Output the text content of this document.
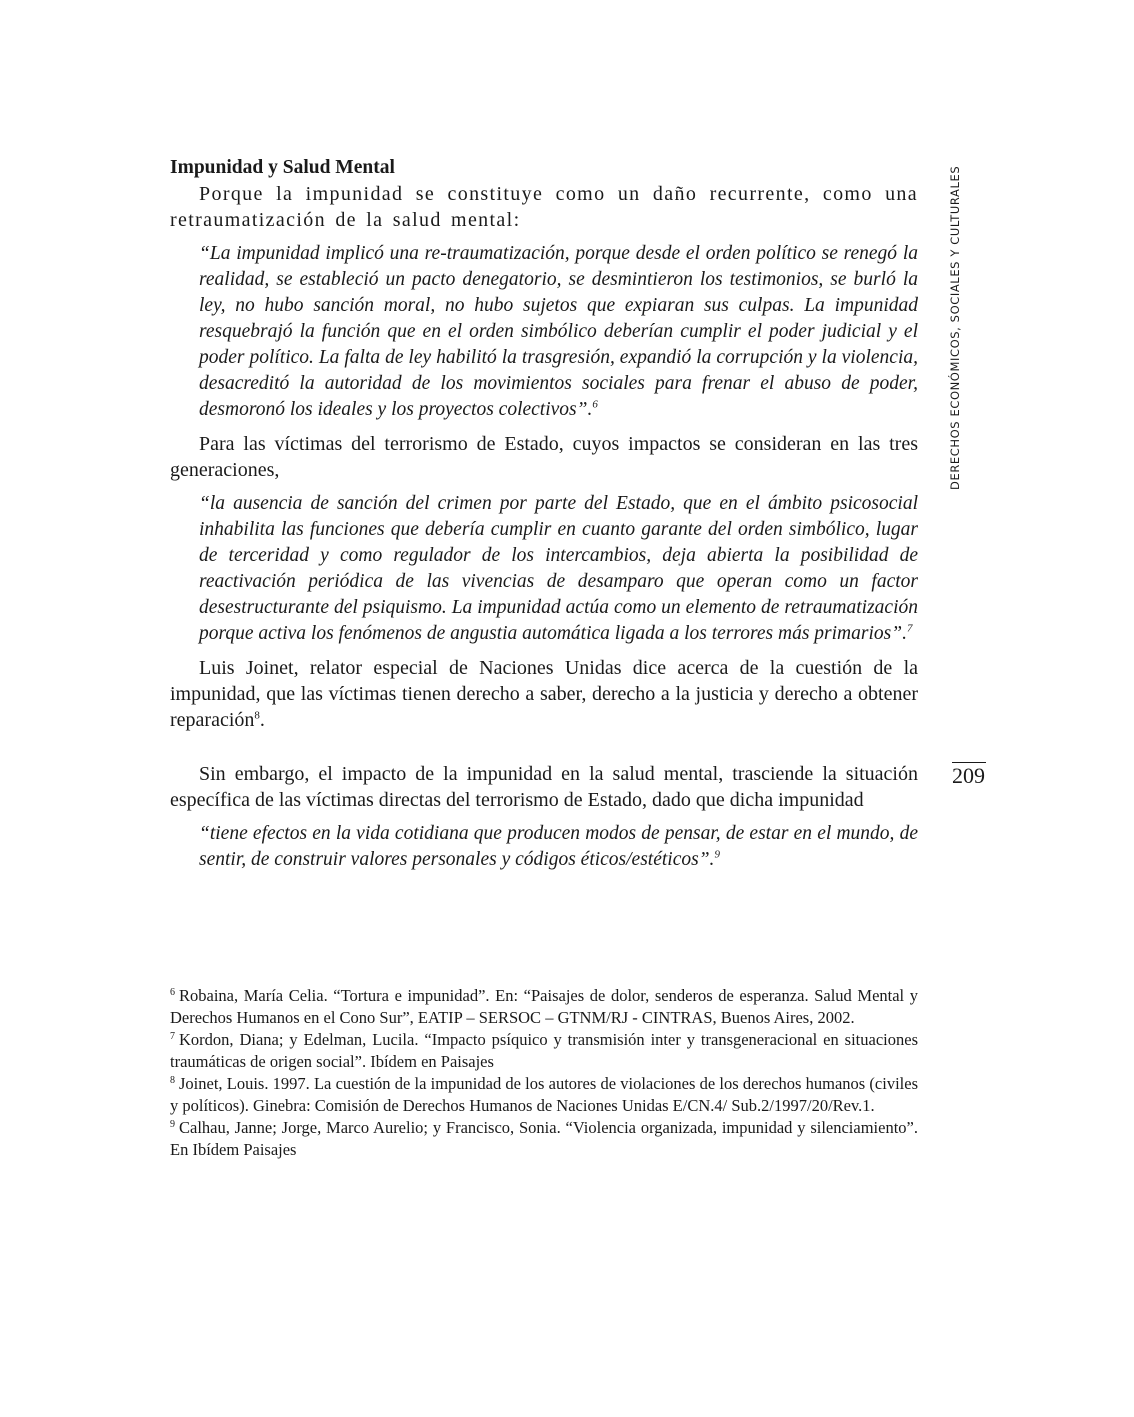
Impunidad y Salud Mental

Porque la impunidad se constituye como un daño recurrente, como una retraumatización de la salud mental:

“La impunidad implicó una re-traumatización, porque desde el orden político se renegó la realidad, se estableció un pacto denegatorio, se desmintieron los testimonios, se burló la ley, no hubo sanción moral, no hubo sujetos que expiaran sus culpas. La impunidad resquebrajó la función que en el orden simbólico deberían cumplir el poder judicial y el poder político. La falta de ley habilitó la trasgresión, expandió la corrupción y la violencia, desacreditó la autoridad de los movimientos sociales para frenar el abuso de poder, desmoronó los ideales y los proyectos colectivos”.$^6$

Para las víctimas del terrorismo de Estado, cuyos impactos se consideran en las tres generaciones,

“la ausencia de sanción del crimen por parte del Estado, que en el ámbito psicosocial inhabilita las funciones que debería cumplir en cuanto garante del orden simbólico, lugar de terceridad y como regulador de los intercambios, deja abierta la posibilidad de reactivación periódica de las vivencias de desamparo que operan como un factor desestructurante del psiquismo. La impunidad actúa como un elemento de retraumatización porque activa los fenómenos de angustia automática ligada a los terrores más primarios”.$^7$

Luis Joinet, relator especial de Naciones Unidas dice acerca de la cuestión de la impunidad, que las víctimas tienen derecho a saber, derecho a la justicia y derecho a obtener reparación$^8$.

Sin embargo, el impacto de la impunidad en la salud mental, trasciende la situación específica de las víctimas directas del terrorismo de Estado, dado que dicha impunidad

“tiene efectos en la vida cotidiana que producen modos de pensar, de estar en el mundo, de sentir, de construir valores personales y códigos éticos/estéticos”.$^9$

$^6$ Robaina, María Celia. “Tortura e impunidad”. En: “Paisajes de dolor, senderos de esperanza. Salud Mental y Derechos Humanos en el Cono Sur”, EATIP – SERSOC – GTNM/RJ - CINTRAS, Buenos Aires, 2002.

$^7$ Kordon, Diana; y Edelman, Lucila. “Impacto psíquico y transmisión inter y transgeneracional en situaciones traumáticas de origen social”. Ibídem en Paisajes

$^8$ Joinet, Louis. 1997. La cuestión de la impunidad de los autores de violaciones de los derechos humanos (civiles y políticos). Ginebra: Comisión de Derechos Humanos de Naciones Unidas E/CN.4/ Sub.2/1997/20/Rev.1.

$^9$ Calhau, Janne; Jorge, Marco Aurelio; y Francisco, Sonia. “Violencia organizada, impunidad y silenciamiento”. En Ibídem Paisajes

DERECHOS ECONÓMICOS, SOCIALES Y CULTURALES
209
